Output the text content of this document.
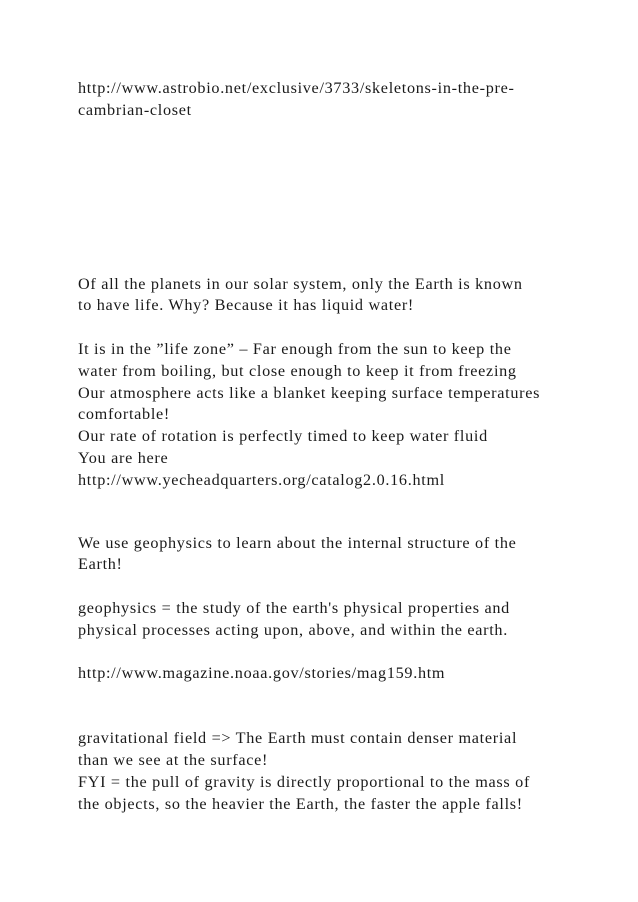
http://www.astrobio.net/exclusive/3733/skeletons-in-the-pre-

cambrian-closet

Of all the planets in our solar system, only the Earth is known

to have life. Why? Because it has liquid water!

It is in the ”life zone” – Far enough from the sun to keep the

water from boiling, but close enough to keep it from freezing

Our atmosphere acts like a blanket keeping surface temperatures

comfortable!

Our rate of rotation is perfectly timed to keep water fluid

You are here

http://www.yecheadquarters.org/catalog2.0.16.html

We use geophysics to learn about the internal structure of the

Earth!

geophysics = the study of the earth's physical properties and

physical processes acting upon, above, and within the earth.

http://www.magazine.noaa.gov/stories/mag159.htm

gravitational field => The Earth must contain denser material

than we see at the surface!

FYI = the pull of gravity is directly proportional to the mass of

the objects, so the heavier the Earth, the faster the apple falls!
